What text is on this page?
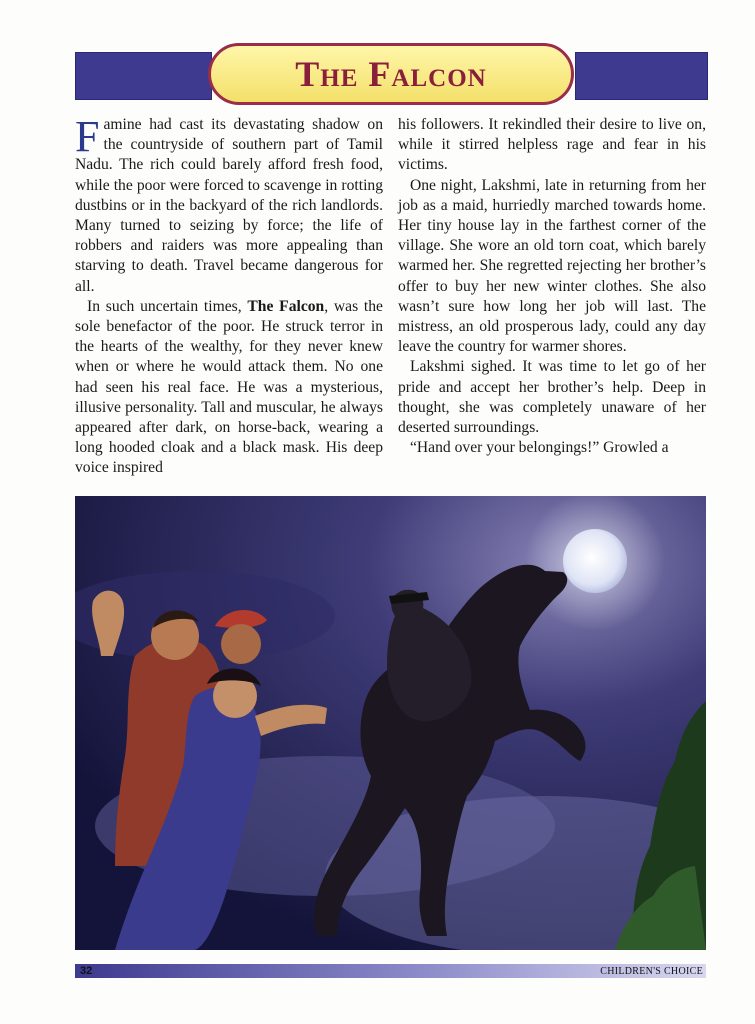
The Falcon

Famine had cast its devastating shadow on the countryside of southern part of Tamil Nadu. The rich could barely afford fresh food, while the poor were forced to scavenge in rotting dustbins or in the backyard of the rich landlords. Many turned to seizing by force; the life of robbers and raiders was more appealing than starving to death. Travel became dangerous for all.

In such uncertain times, The Falcon, was the sole benefactor of the poor. He struck terror in the hearts of the wealthy, for they never knew when or where he would attack them. No one had seen his real face. He was a mysterious, illusive personality. Tall and muscular, he always appeared after dark, on horse-back, wearing a long hooded cloak and a black mask. His deep voice inspired

his followers. It rekindled their desire to live on, while it stirred helpless rage and fear in his victims.

One night, Lakshmi, late in returning from her job as a maid, hurriedly marched towards home. Her tiny house lay in the farthest corner of the village. She wore an old torn coat, which barely warmed her. She regretted rejecting her brother’s offer to buy her new winter clothes. She also wasn’t sure how long her job will last. The mistress, an old prosperous lady, could any day leave the country for warmer shores.

Lakshmi sighed. It was time to let go of her pride and accept her brother’s help. Deep in thought, she was completely unaware of her deserted surroundings.

“Hand over your belongings!” Growled a

32	CHILDREN'S CHOICE
